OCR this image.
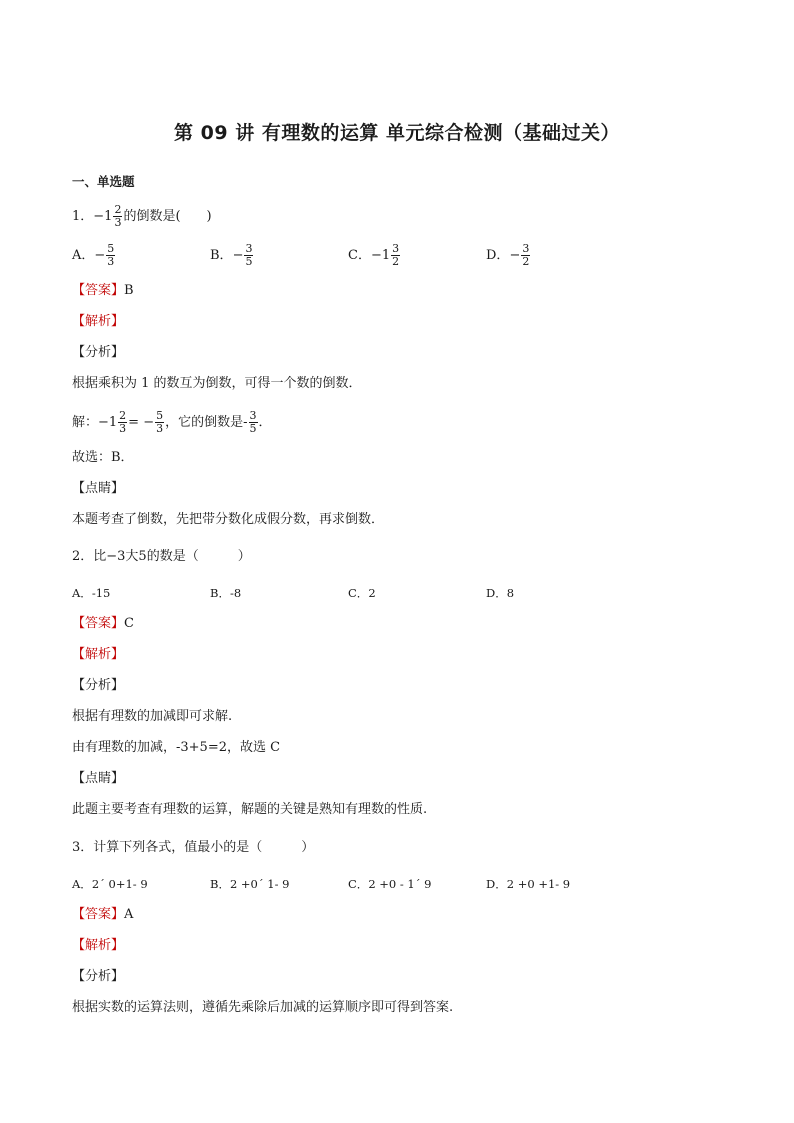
第 09 讲 有理数的运算 单元综合检测（基础过关）
一、单选题
1．$-1 \frac{2}{3}$ 的倒数是(　　)
A．− $\frac{5}{3}$	B．− $\frac{3}{5}$	C．$-1 \frac{3}{2}$	D．− $\frac{3}{2}$
【答案】B
【解析】
【分析】
根据乘积为 1 的数互为倒数，可得一个数的倒数．
解：$-1 \frac{2}{3}$ = − $\frac{5}{3}$ ，它的倒数是- $\frac{3}{5}$ ．
故选：B．
【点睛】
本题考查了倒数，先把带分数化成假分数，再求倒数．
2．比−3大5的数是（　　　）
A．-15	B．-8	C．2	D．8
【答案】C
【解析】
【分析】
根据有理数的加减即可求解.
由有理数的加减，-3+5=2，故选 C
【点睛】
此题主要考查有理数的运算，解题的关键是熟知有理数的性质.
3．计算下列各式，值最小的是（　　　）
A．2´ 0+1- 9	B．2 +0´ 1- 9	C．2 +0 - 1´ 9	D．2 +0 +1- 9
【答案】A
【解析】
【分析】
根据实数的运算法则，遵循先乘除后加减的运算顺序即可得到答案.
